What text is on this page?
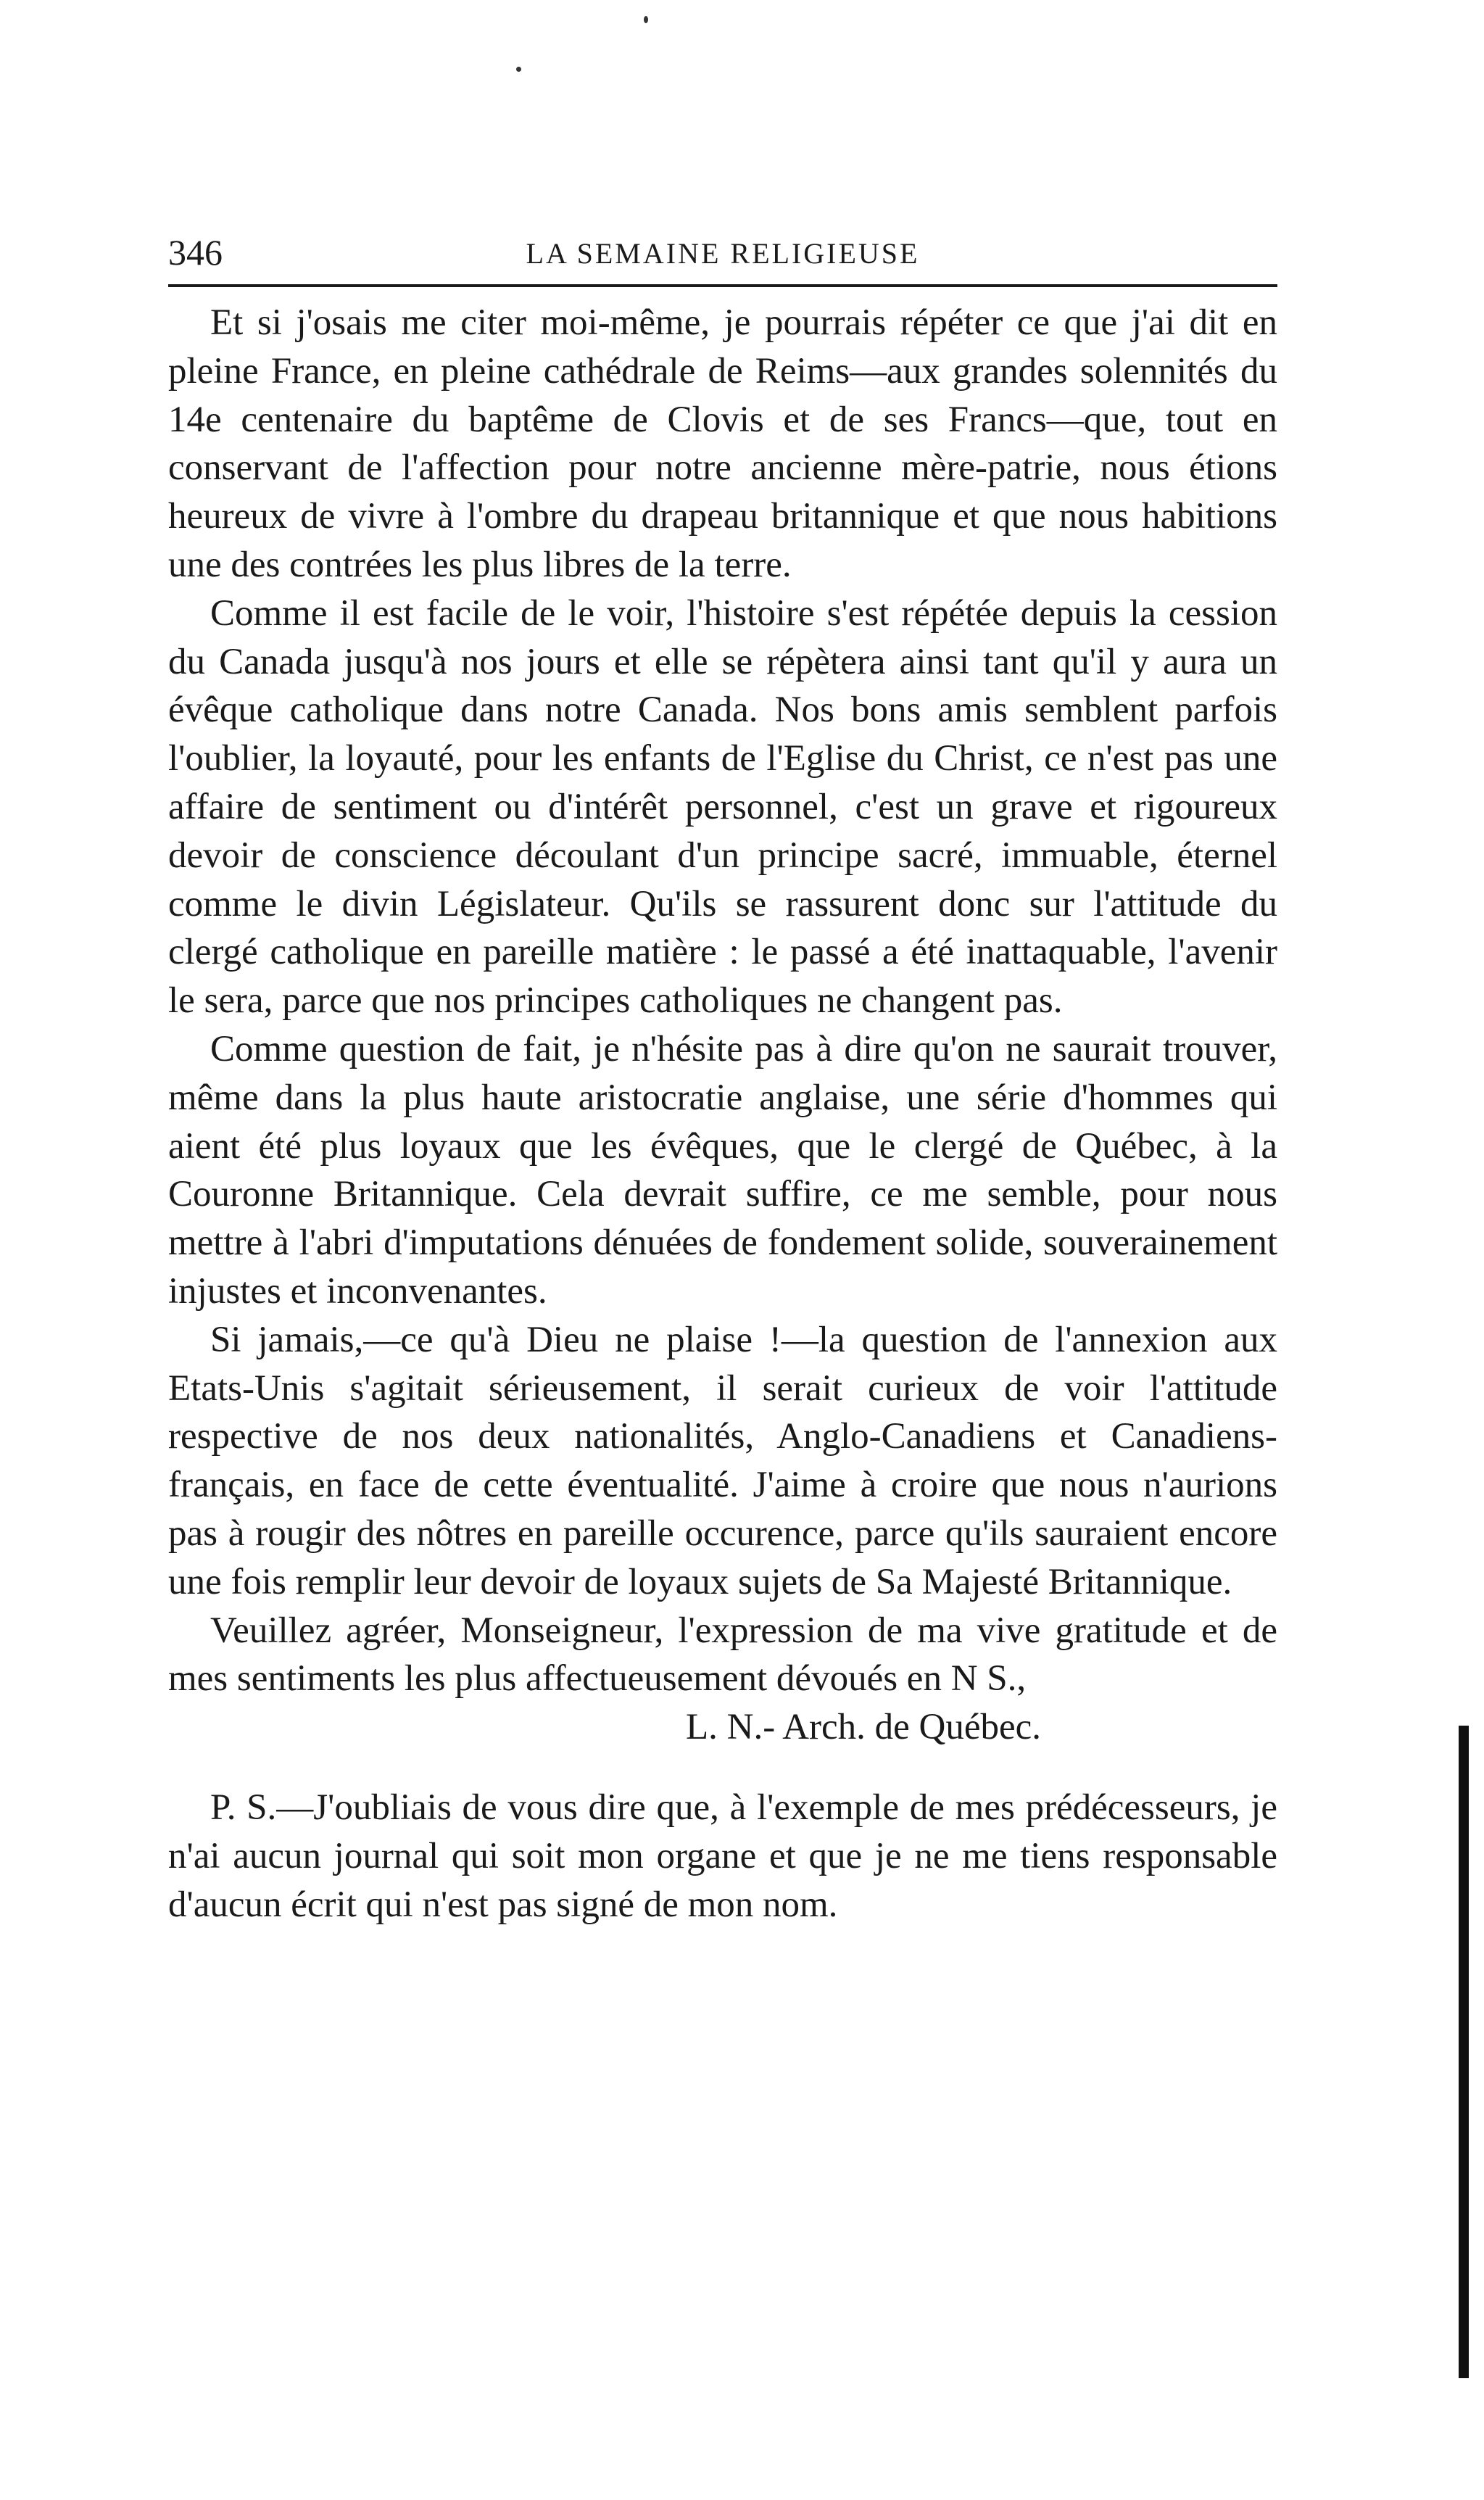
346	LA SEMAINE RELIGIEUSE

Et si j'osais me citer moi-même, je pourrais répéter ce que j'ai dit en pleine France, en pleine cathédrale de Reims—aux grandes solennités du 14e centenaire du baptême de Clovis et de ses Francs—que, tout en conservant de l'affection pour notre ancienne mère-patrie, nous étions heureux de vivre à l'ombre du drapeau britannique et que nous habitions une des contrées les plus libres de la terre.

Comme il est facile de le voir, l'histoire s'est répétée depuis la cession du Canada jusqu'à nos jours et elle se répètera ainsi tant qu'il y aura un évêque catholique dans notre Canada. Nos bons amis semblent parfois l'oublier, la loyauté, pour les enfants de l'Eglise du Christ, ce n'est pas une affaire de sentiment ou d'intérêt personnel, c'est un grave et rigoureux devoir de conscience découlant d'un principe sacré, immuable, éternel comme le divin Législateur. Qu'ils se rassurent donc sur l'attitude du clergé catholique en pareille matière : le passé a été inattaquable, l'avenir le sera, parce que nos principes catholiques ne changent pas.

Comme question de fait, je n'hésite pas à dire qu'on ne saurait trouver, même dans la plus haute aristocratie anglaise, une série d'hommes qui aient été plus loyaux que les évêques, que le clergé de Québec, à la Couronne Britannique. Cela devrait suffire, ce me semble, pour nous mettre à l'abri d'imputations dénuées de fondement solide, souverainement injustes et inconvenantes.

Si jamais,—ce qu'à Dieu ne plaise !—la question de l'annexion aux Etats-Unis s'agitait sérieusement, il serait curieux de voir l'attitude respective de nos deux nationalités, Anglo-Canadiens et Canadiens-français, en face de cette éventualité. J'aime à croire que nous n'aurions pas à rougir des nôtres en pareille occurence, parce qu'ils sauraient encore une fois remplir leur devoir de loyaux sujets de Sa Majesté Britannique.

Veuillez agréer, Monseigneur, l'expression de ma vive gratitude et de mes sentiments les plus affectueusement dévoués en N S.,

L. N.- Arch. de Québec.

P. S.—J'oubliais de vous dire que, à l'exemple de mes prédécesseurs, je n'ai aucun journal qui soit mon organe et que je ne me tiens responsable d'aucun écrit qui n'est pas signé de mon nom.
